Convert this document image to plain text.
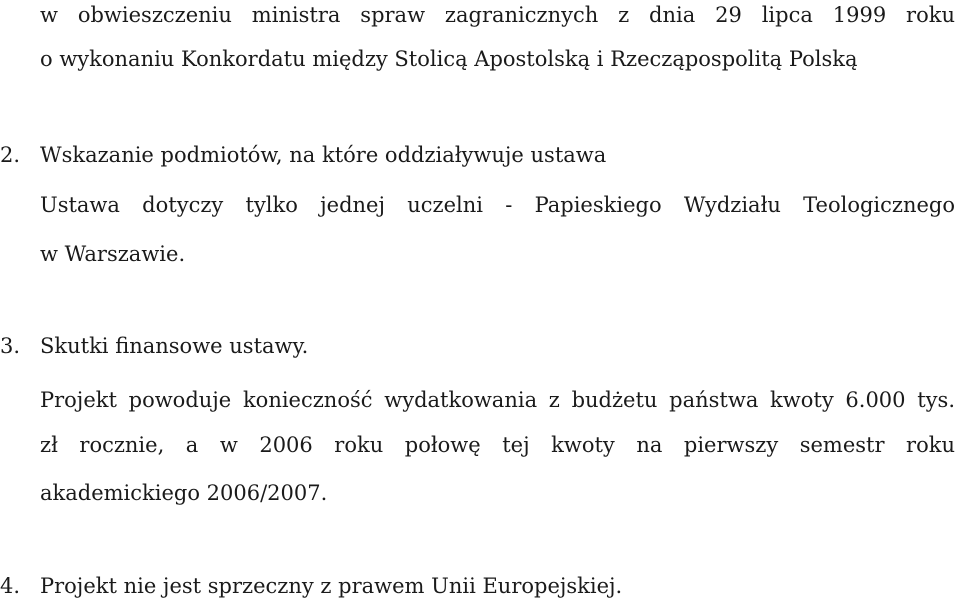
w obwieszczeniu ministra spraw zagranicznych z dnia 29 lipca 1999 roku
o wykonaniu Konkordatu między Stolicą Apostolską i Rzecząpospolitą Polską
2. Wskazanie podmiotów, na które oddziaływuje ustawa
Ustawa dotyczy tylko jednej uczelni - Papieskiego Wydziału Teologicznego
w Warszawie.
3. Skutki finansowe ustawy.
Projekt powoduje konieczność wydatkowania z budżetu państwa kwoty 6.000 tys.
zł rocznie, a w 2006 roku połowę tej kwoty na pierwszy semestr roku
akademickiego 2006/2007.
4. Projekt nie jest sprzeczny z prawem Unii Europejskiej.
